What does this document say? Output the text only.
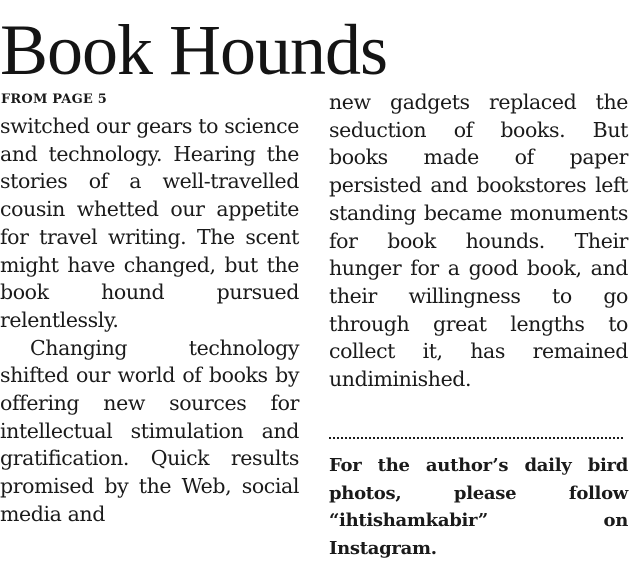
Book Hounds
FROM PAGE 5

switched our gears to science and technology. Hearing the stories of a well-travelled cousin whetted our appetite for travel writing. The scent might have changed, but the book hound pursued relentlessly.

Changing technology shifted our world of books by offering new sources for intellectual stimulation and gratification. Quick results promised by the Web, social media and

new gadgets replaced the seduction of books. But books made of paper persisted and bookstores left standing became monuments for book hounds. Their hunger for a good book, and their willingness to go through great lengths to collect it, has remained undiminished.

For the author’s daily bird photos, please follow “ihtishamkabir” on Instagram.
